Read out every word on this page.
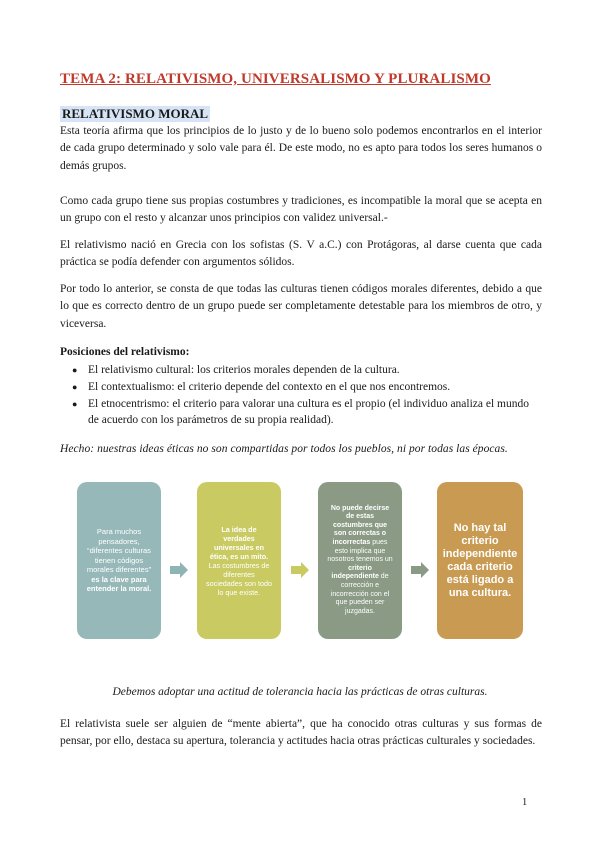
TEMA 2: RELATIVISMO, UNIVERSALISMO Y PLURALISMO
RELATIVISMO MORAL

Esta teoría afirma que los principios de lo justo y de lo bueno solo podemos encontrarlos en el interior de cada grupo determinado y solo vale para él. De este modo, no es apto para todos los seres humanos o demás grupos.

Como cada grupo tiene sus propias costumbres y tradiciones, es incompatible la moral que se acepta en un grupo con el resto y alcanzar unos principios con validez universal.-

El relativismo nació en Grecia con los sofistas (S. V a.C.) con Protágoras, al darse cuenta que cada práctica se podía defender con argumentos sólidos.

Por todo lo anterior, se consta de que todas las culturas tienen códigos morales diferentes, debido a que lo que es correcto dentro de un grupo puede ser completamente detestable para los miembros de otro, y viceversa.

Posiciones del relativismo:

● El relativismo cultural: los criterios morales dependen de la cultura.
● El contextualismo: el criterio depende del contexto en el que nos encontremos.
● El etnocentrismo: el criterio para valorar una cultura es el propio (el individuo analiza el mundo de acuerdo con los parámetros de su propia realidad).

Hecho: nuestras ideas éticas no son compartidas por todos los pueblos, ni por todas las épocas.

Para muchos pensadores, “diferentes culturas tienen códigos morales diferentes”
es la clave para entender la moral.

La idea de verdades universales en ética, es un mito.
Las costumbres de diferentes sociedades son todo lo que existe.

No puede decirse de estas costumbres que son correctas o incorrectas pues esto implica que nosotros tenemos un criterio independiente de corrección e incorrección con el que pueden ser juzgadas.

No hay tal criterio independiente cada criterio está ligado a una cultura.

Debemos adoptar una actitud de tolerancia hacia las prácticas de otras culturas.

El relativista suele ser alguien de “mente abierta”, que ha conocido otras culturas y sus formas de pensar, por ello, destaca su apertura, tolerancia y actitudes hacia otras prácticas culturales y sociedades.

1
